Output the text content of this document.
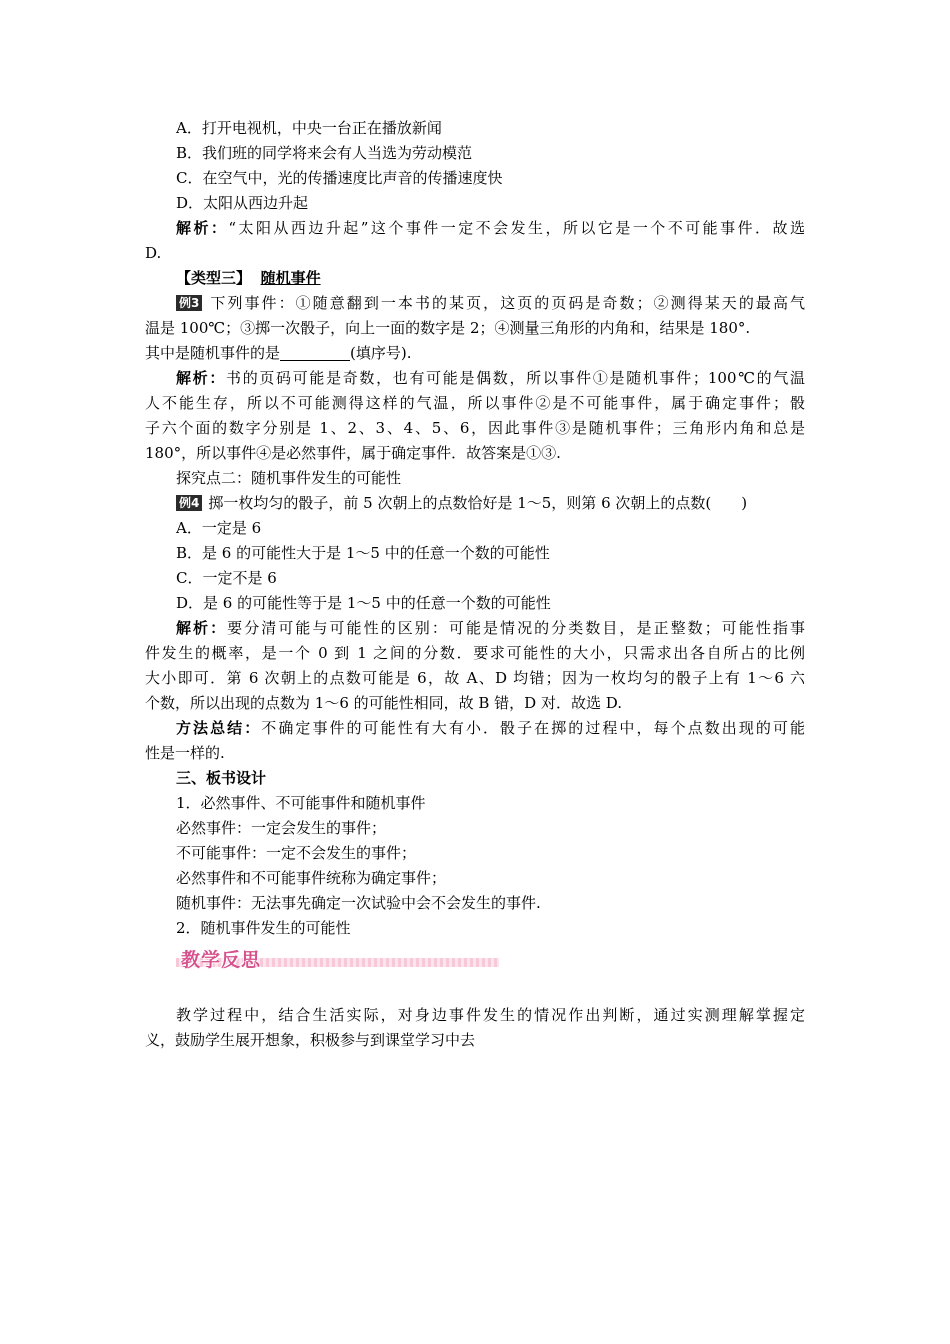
A．打开电视机，中央一台正在播放新闻
B．我们班的同学将来会有人当选为劳动模范
C．在空气中，光的传播速度比声音的传播速度快
D．太阳从西边升起
解析：“太阳从西边升起”这个事件一定不会发生，所以它是一个不可能事件．故选
D.
【类型三】 随机事件
例3 下列事件：①随意翻到一本书的某页，这页的页码是奇数；②测得某天的最高气
温是 100℃；③掷一次骰子，向上一面的数字是 2；④测量三角形的内角和，结果是 180°.
其中是随机事件的是	(填序号).
解析：书的页码可能是奇数，也有可能是偶数，所以事件①是随机事件；100℃的气温
人不能生存，所以不可能测得这样的气温，所以事件②是不可能事件，属于确定事件；骰
子六个面的数字分别是 1、2、3、4、5、6，因此事件③是随机事件；三角形内角和总是
180°，所以事件④是必然事件，属于确定事件．故答案是①③.
探究点二：随机事件发生的可能性
例4 掷一枚均匀的骰子，前 5 次朝上的点数恰好是 1～5，则第 6 次朝上的点数(　　)
A．一定是 6
B．是 6 的可能性大于是 1～5 中的任意一个数的可能性
C．一定不是 6
D．是 6 的可能性等于是 1～5 中的任意一个数的可能性
解析：要分清可能与可能性的区别：可能是情况的分类数目，是正整数；可能性指事
件发生的概率，是一个 0 到 1 之间的分数．要求可能性的大小，只需求出各自所占的比例
大小即可．第 6 次朝上的点数可能是 6，故 A、D 均错；因为一枚均匀的骰子上有 1～6 六
个数，所以出现的点数为 1～6 的可能性相同，故 B 错，D 对．故选 D.
方法总结：不确定事件的可能性有大有小．骰子在掷的过程中，每个点数出现的可能
性是一样的.
三、板书设计
1．必然事件、不可能事件和随机事件
必然事件：一定会发生的事件；
不可能事件：一定不会发生的事件；
必然事件和不可能事件统称为确定事件；
随机事件：无法事先确定一次试验中会不会发生的事件.
2．随机事件发生的可能性
教学反思
教学过程中，结合生活实际，对身边事件发生的情况作出判断，通过实测理解掌握定
义，鼓励学生展开想象，积极参与到课堂学习中去
